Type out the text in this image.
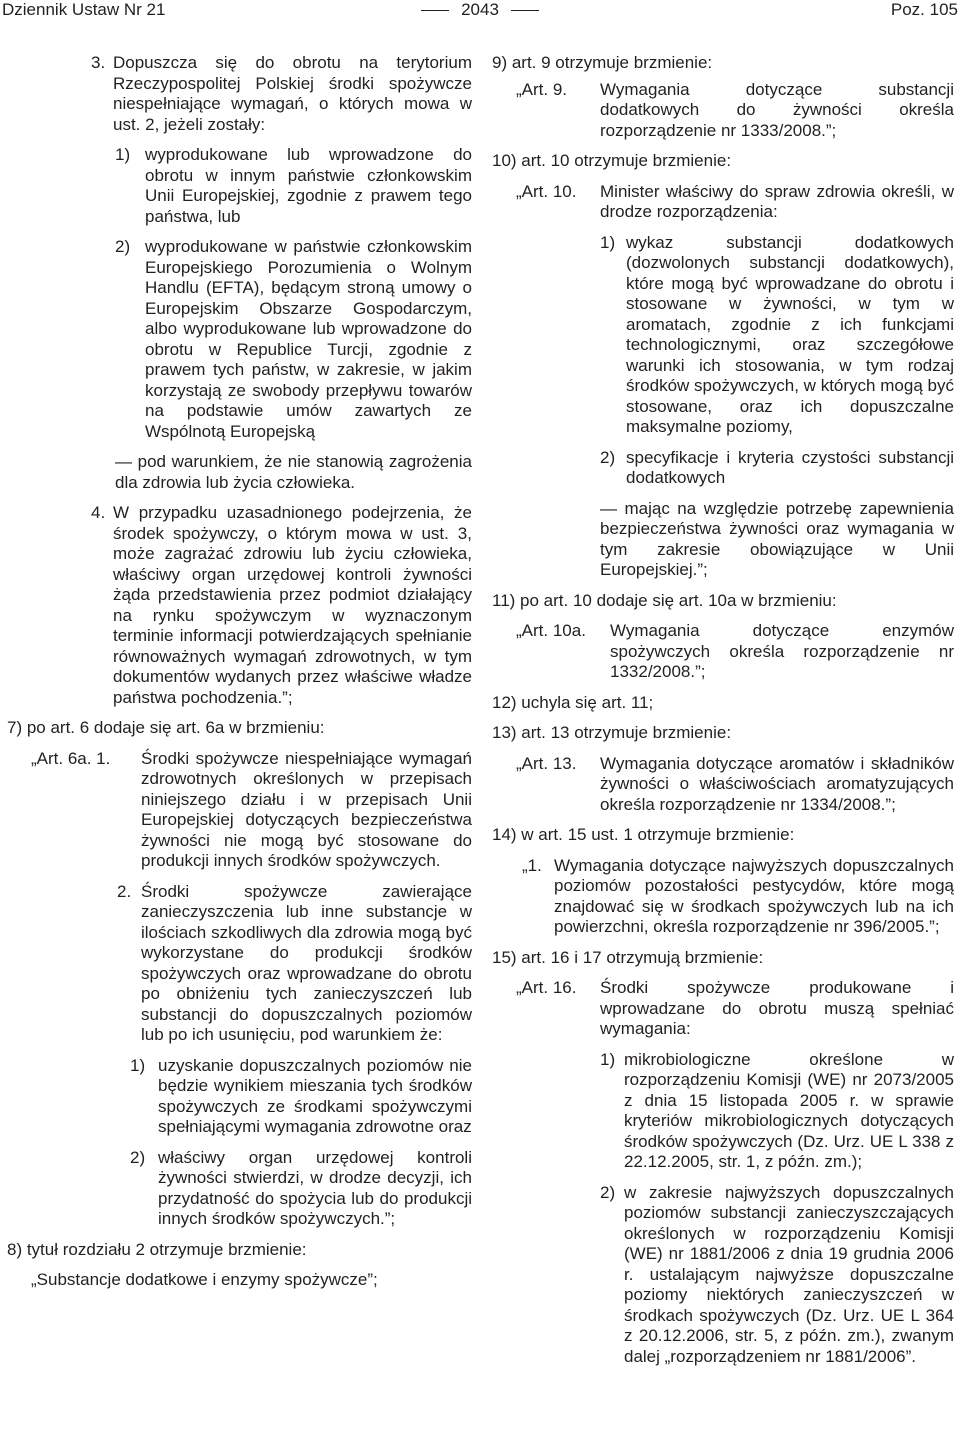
Dziennik Ustaw Nr 21	2043	Poz. 105
3. Dopuszcza się do obrotu na terytorium Rzeczypospolitej Polskiej środki spożywcze niespełniające wymagań, o których mowa w ust. 2, jeżeli zostały:
1) wyprodukowane lub wprowadzone do obrotu w innym państwie członkowskim Unii Europejskiej, zgodnie z prawem tego państwa, lub
2) wyprodukowane w państwie członkowskim Europejskiego Porozumienia o Wolnym Handlu (EFTA), będącym stroną umowy o Europejskim Obszarze Gospodarczym, albo wyprodukowane lub wprowadzone do obrotu w Republice Turcji, zgodnie z prawem tych państw, w zakresie, w jakim korzystają ze swobody przepływu towarów na podstawie umów zawartych ze Wspólnotą Europejską

— pod warunkiem, że nie stanowią zagrożenia dla zdrowia lub życia człowieka.

4. W przypadku uzasadnionego podejrzenia, że środek spożywczy, o którym mowa w ust. 3, może zagrażać zdrowiu lub życiu człowieka, właściwy organ urzędowej kontroli żywności żąda przedstawienia przez podmiot działający na rynku spożywczym w wyznaczonym terminie informacji potwierdzających spełnianie równoważnych wymagań zdrowotnych, w tym dokumentów wydanych przez właściwe władze państwa pochodzenia.”;

7) po art. 6 dodaje się art. 6a w brzmieniu:

„Art. 6a. 1.	Środki spożywcze niespełniające wymagań zdrowotnych określonych w przepisach niniejszego działu i w przepisach Unii Europejskiej dotyczących bezpieczeństwa żywności nie mogą być stosowane do produkcji innych środków spożywczych.
2. Środki spożywcze zawierające zanieczyszczenia lub inne substancje w ilościach szkodliwych dla zdrowia mogą być wykorzystane do produkcji środków spożywczych oraz wprowadzane do obrotu po obniżeniu tych zanieczyszczeń lub substancji do dopuszczalnych poziomów lub po ich usunięciu, pod warunkiem że:
1) uzyskanie dopuszczalnych poziomów nie będzie wynikiem mieszania tych środków spożywczych ze środkami spożywczymi spełniającymi wymagania zdrowotne oraz
2) właściwy organ urzędowej kontroli żywności stwierdzi, w drodze decyzji, ich przydatność do spożycia lub do produkcji innych środków spożywczych.”;

8) tytuł rozdziału 2 otrzymuje brzmienie:

„Substancje dodatkowe i enzymy spożywcze”;

9) art. 9 otrzymuje brzmienie:

„Art. 9.	Wymagania dotyczące substancji dodatkowych do żywności określa rozporządzenie nr 1333/2008.”;

10) art. 10 otrzymuje brzmienie:

„Art. 10.	Minister właściwy do spraw zdrowia określi, w drodze rozporządzenia:
1) wykaz substancji dodatkowych (dozwolonych substancji dodatkowych), które mogą być wprowadzane do obrotu i stosowane w żywności, w tym w aromatach, zgodnie z ich funkcjami technologicznymi, oraz szczegółowe warunki ich stosowania, w tym rodzaj środków spożywczych, w których mogą być stosowane, oraz ich dopuszczalne maksymalne poziomy,
2) specyfikacje i kryteria czystości substancji dodatkowych

— mając na względzie potrzebę zapewnienia bezpieczeństwa żywności oraz wymagania w tym zakresie obowiązujące w Unii Europejskiej.”;

11) po art. 10 dodaje się art. 10a w brzmieniu:

„Art. 10a.	Wymagania dotyczące enzymów spożywczych określa rozporządzenie nr 1332/2008.”;

12) uchyla się art. 11;

13) art. 13 otrzymuje brzmienie:

„Art. 13.	Wymagania dotyczące aromatów i składników żywności o właściwościach aromatyzujących określa rozporządzenie nr 1334/2008.”;

14) w art. 15 ust. 1 otrzymuje brzmienie:

„1. Wymagania dotyczące najwyższych dopuszczalnych poziomów pozostałości pestycydów, które mogą znajdować się w środkach spożywczych lub na ich powierzchni, określa rozporządzenie nr 396/2005.”;

15) art. 16 i 17 otrzymują brzmienie:

„Art. 16.	Środki spożywcze produkowane i wprowadzane do obrotu muszą spełniać wymagania:
1) mikrobiologiczne określone w rozporządzeniu Komisji (WE) nr 2073/2005 z dnia 15 listopada 2005 r. w sprawie kryteriów mikrobiologicznych dotyczących środków spożywczych (Dz. Urz. UE L 338 z 22.12.2005, str. 1, z późn. zm.);
2) w zakresie najwyższych dopuszczalnych poziomów substancji zanieczyszczających określonych w rozporządzeniu Komisji (WE) nr 1881/2006 z dnia 19 grudnia 2006 r. ustalającym najwyższe dopuszczalne poziomy niektórych zanieczyszczeń w środkach spożywczych (Dz. Urz. UE L 364 z 20.12.2006, str. 5, z późn. zm.), zwanym dalej „rozporządzeniem nr 1881/2006”.
